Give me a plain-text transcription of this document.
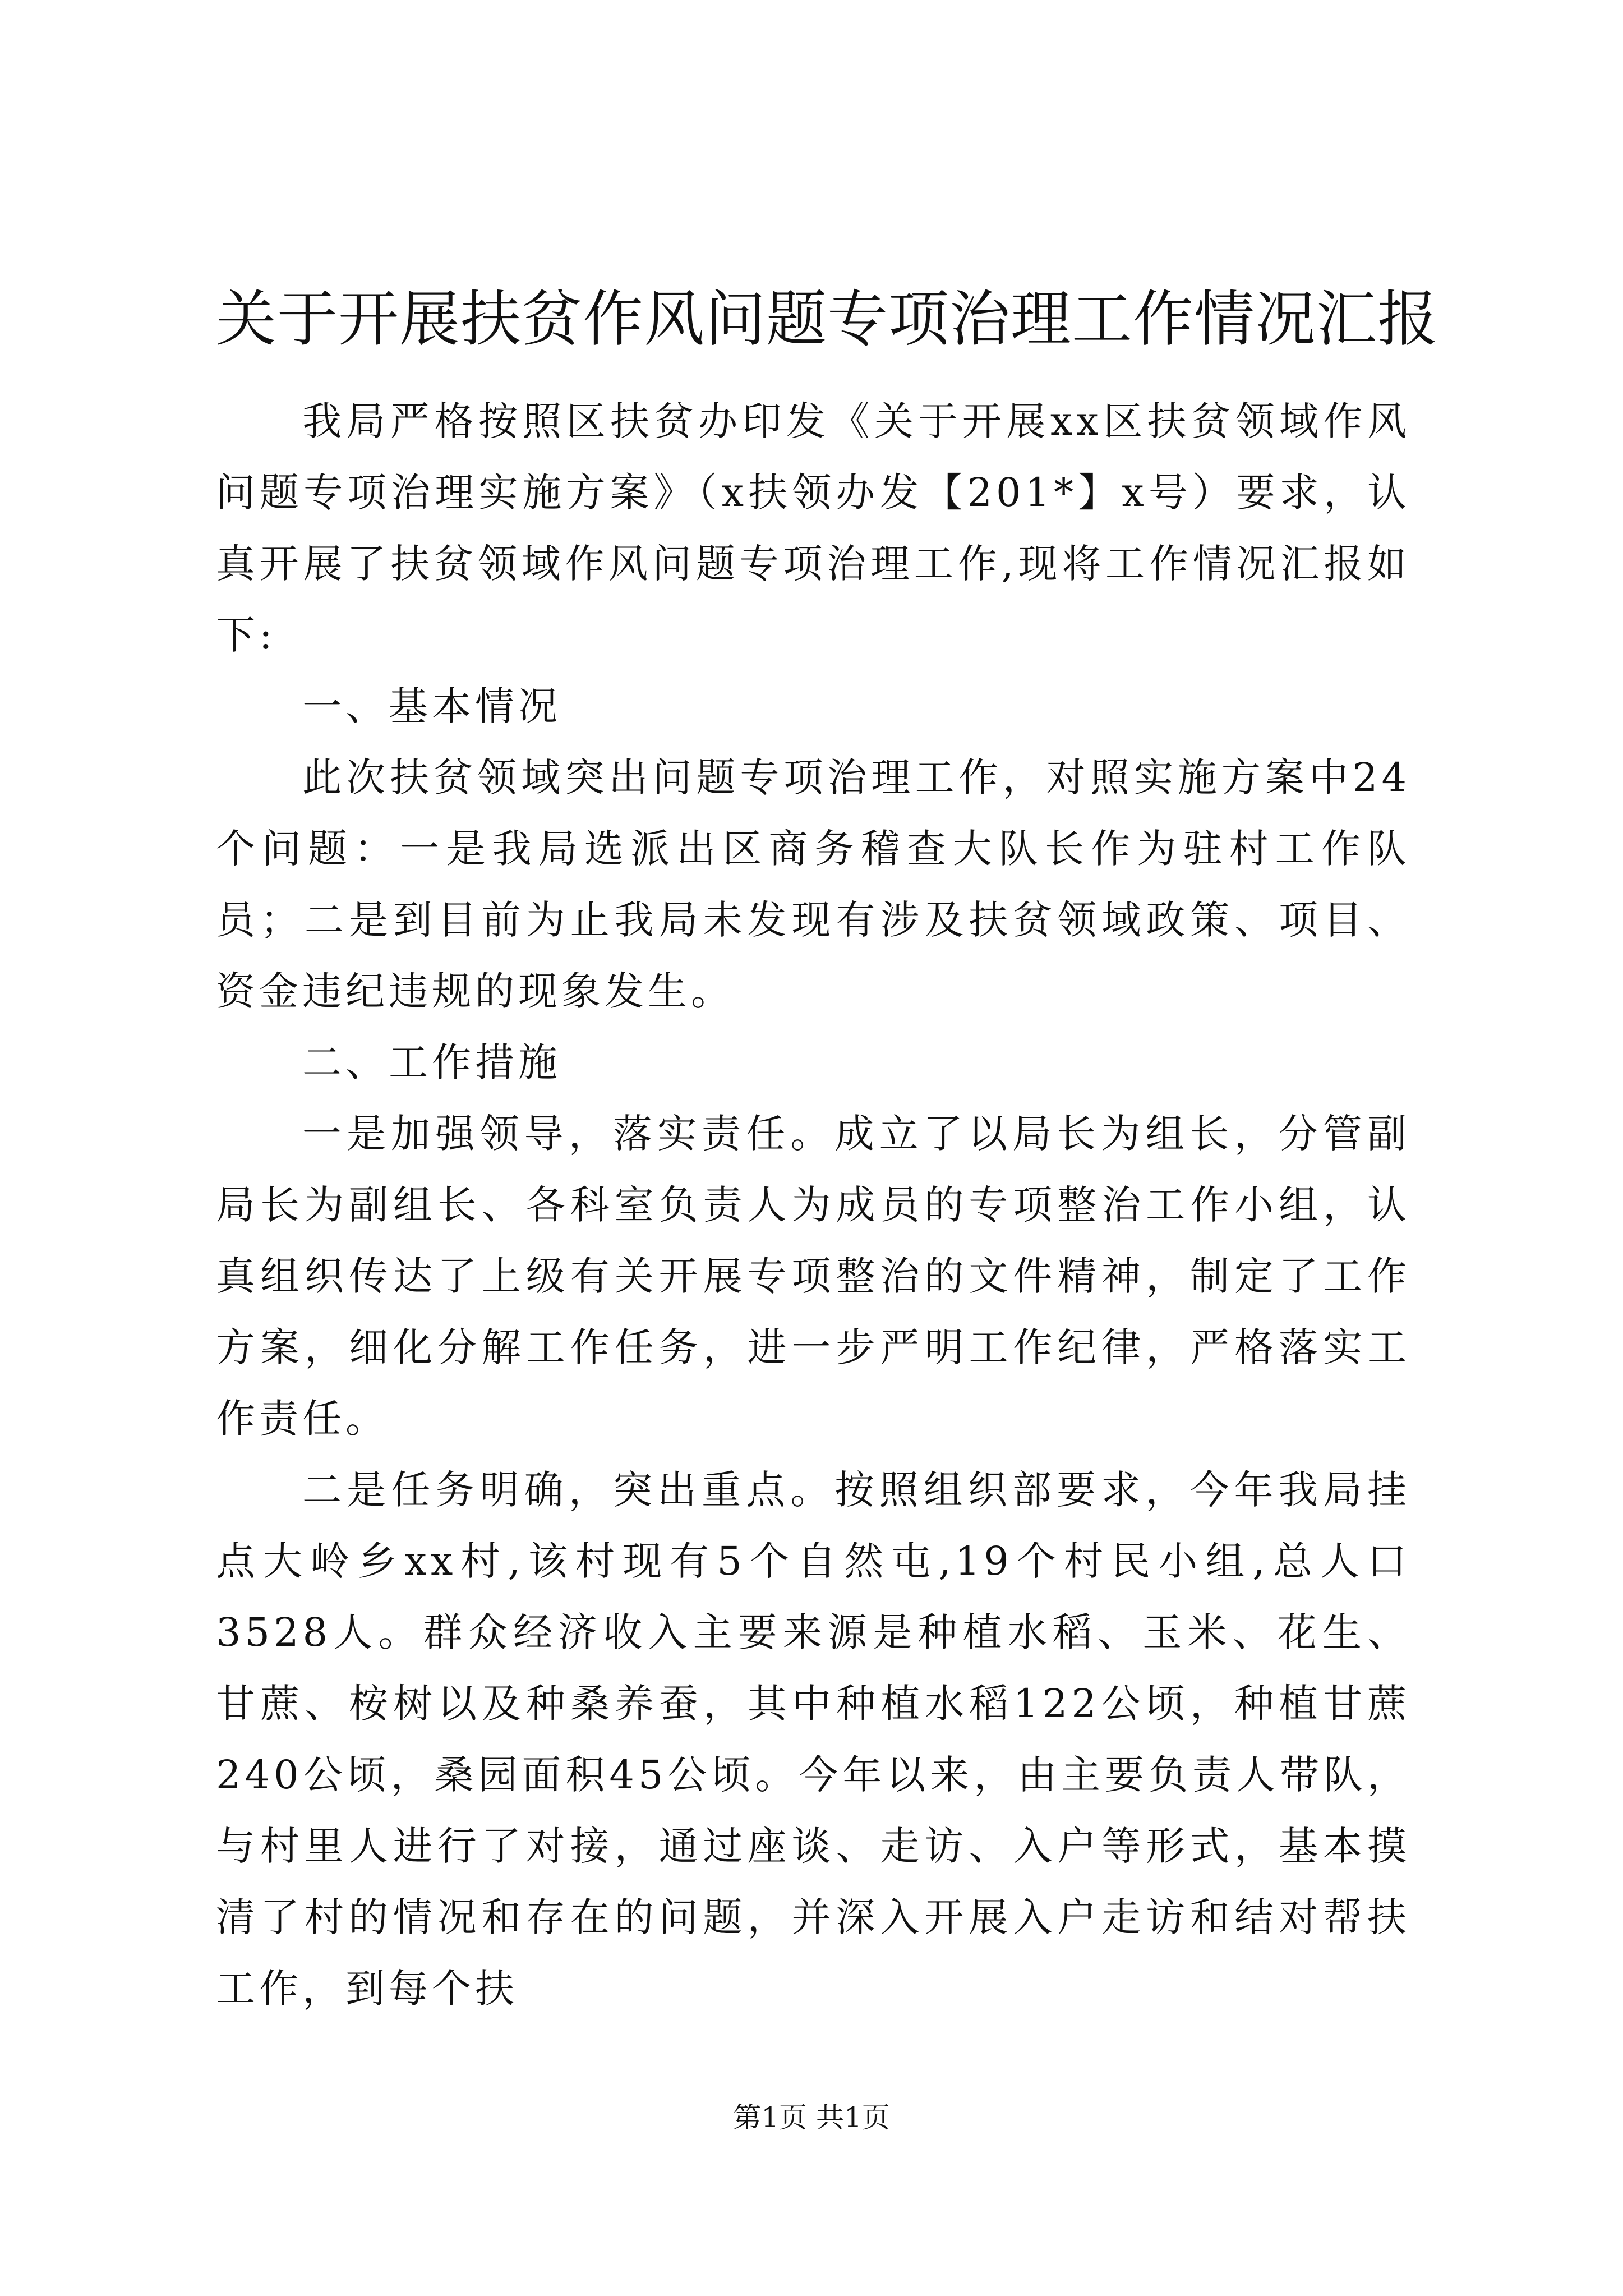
关于开展扶贫作风问题专项治理工作情况汇报

我局严格按照区扶贫办印发《关于开展xx区扶贫领域作风问题专项治理实施方案》（x扶领办发【201*】x号）要求，认真开展了扶贫领域作风问题专项治理工作,现将工作情况汇报如下:

一、基本情况

此次扶贫领域突出问题专项治理工作，对照实施方案中24个问题：一是我局选派出区商务稽查大队长作为驻村工作队员；二是到目前为止我局未发现有涉及扶贫领域政策、项目、资金违纪违规的现象发生。

二、工作措施

一是加强领导，落实责任。成立了以局长为组长，分管副局长为副组长、各科室负责人为成员的专项整治工作小组，认真组织传达了上级有关开展专项整治的文件精神，制定了工作方案，细化分解工作任务，进一步严明工作纪律，严格落实工作责任。

二是任务明确，突出重点。按照组织部要求，今年我局挂点大岭乡xx村,该村现有5个自然屯,19个村民小组,总人口3528人。群众经济收入主要来源是种植水稻、玉米、花生、甘蔗、桉树以及种桑养蚕，其中种植水稻122公顷，种植甘蔗240公顷，桑园面积45公顷。今年以来，由主要负责人带队，与村里人进行了对接，通过座谈、走访、入户等形式，基本摸清了村的情况和存在的问题，并深入开展入户走访和结对帮扶工作，到每个扶

第1页 共1页
